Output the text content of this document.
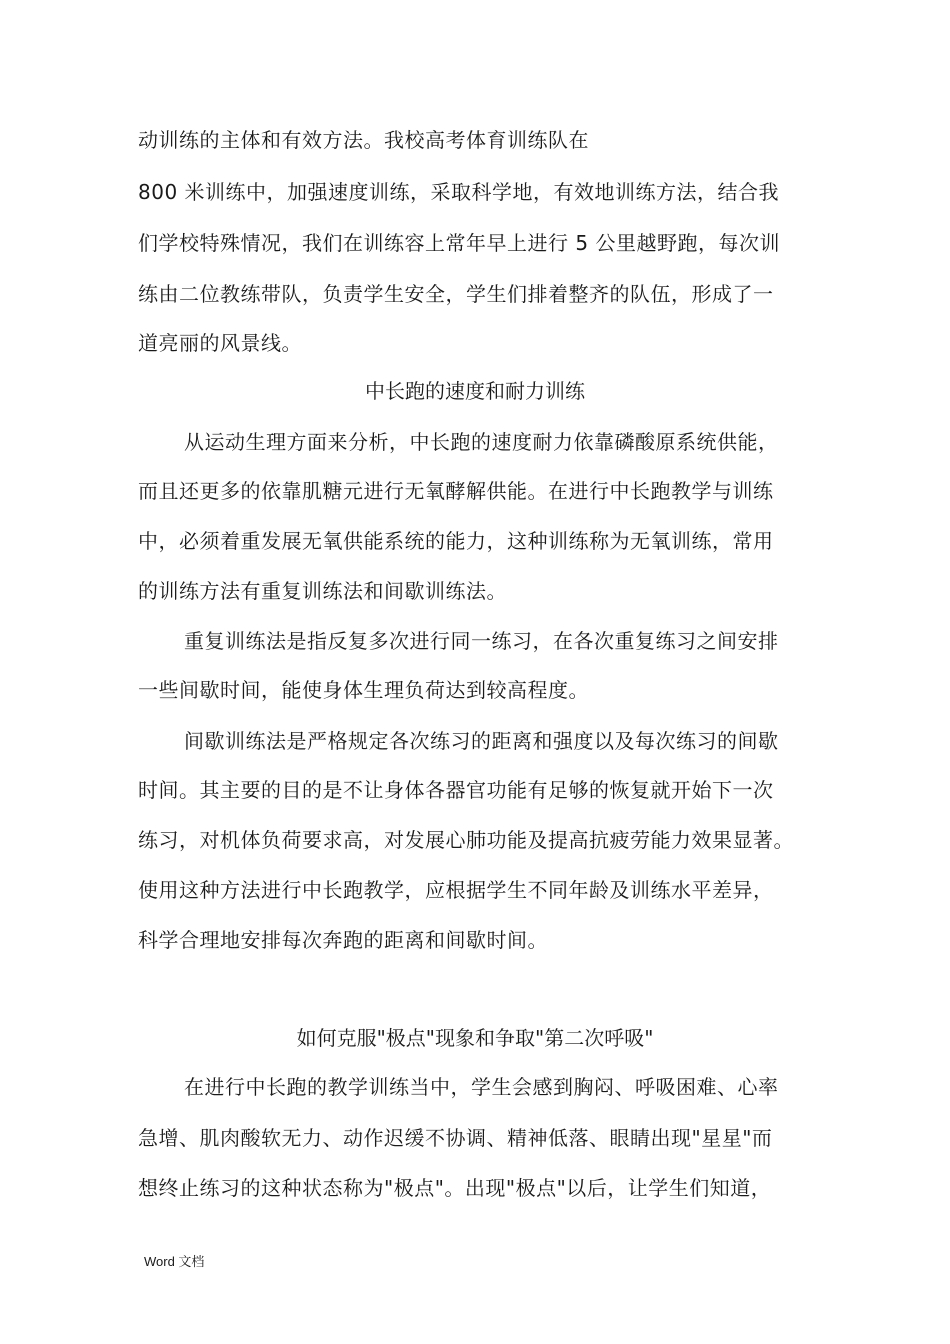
动训练的主体和有效方法。我校高考体育训练队在
800 米训练中，加强速度训练，采取科学地，有效地训练方法，结合我
们学校特殊情况，我们在训练容上常年早上进行 5 公里越野跑，每次训
练由二位教练带队，负责学生安全，学生们排着整齐的队伍，形成了一
道亮丽的风景线。
中长跑的速度和耐力训练
从运动生理方面来分析，中长跑的速度耐力依靠磷酸原系统供能，
而且还更多的依靠肌糖元进行无氧酵解供能。在进行中长跑教学与训练
中，必须着重发展无氧供能系统的能力，这种训练称为无氧训练，常用
的训练方法有重复训练法和间歇训练法。
重复训练法是指反复多次进行同一练习，在各次重复练习之间安排
一些间歇时间，能使身体生理负荷达到较高程度。
间歇训练法是严格规定各次练习的距离和强度以及每次练习的间歇
时间。其主要的目的是不让身体各器官功能有足够的恢复就开始下一次
练习，对机体负荷要求高，对发展心肺功能及提高抗疲劳能力效果显著。
使用这种方法进行中长跑教学，应根据学生不同年龄及训练水平差异，
科学合理地安排每次奔跑的距离和间歇时间。
如何克服"极点"现象和争取"第二次呼吸"
在进行中长跑的教学训练当中，学生会感到胸闷、呼吸困难、心率
急增、肌肉酸软无力、动作迟缓不协调、精神低落、眼睛出现"星星"而
想终止练习的这种状态称为"极点"。出现"极点"以后，让学生们知道，
Word 文档
